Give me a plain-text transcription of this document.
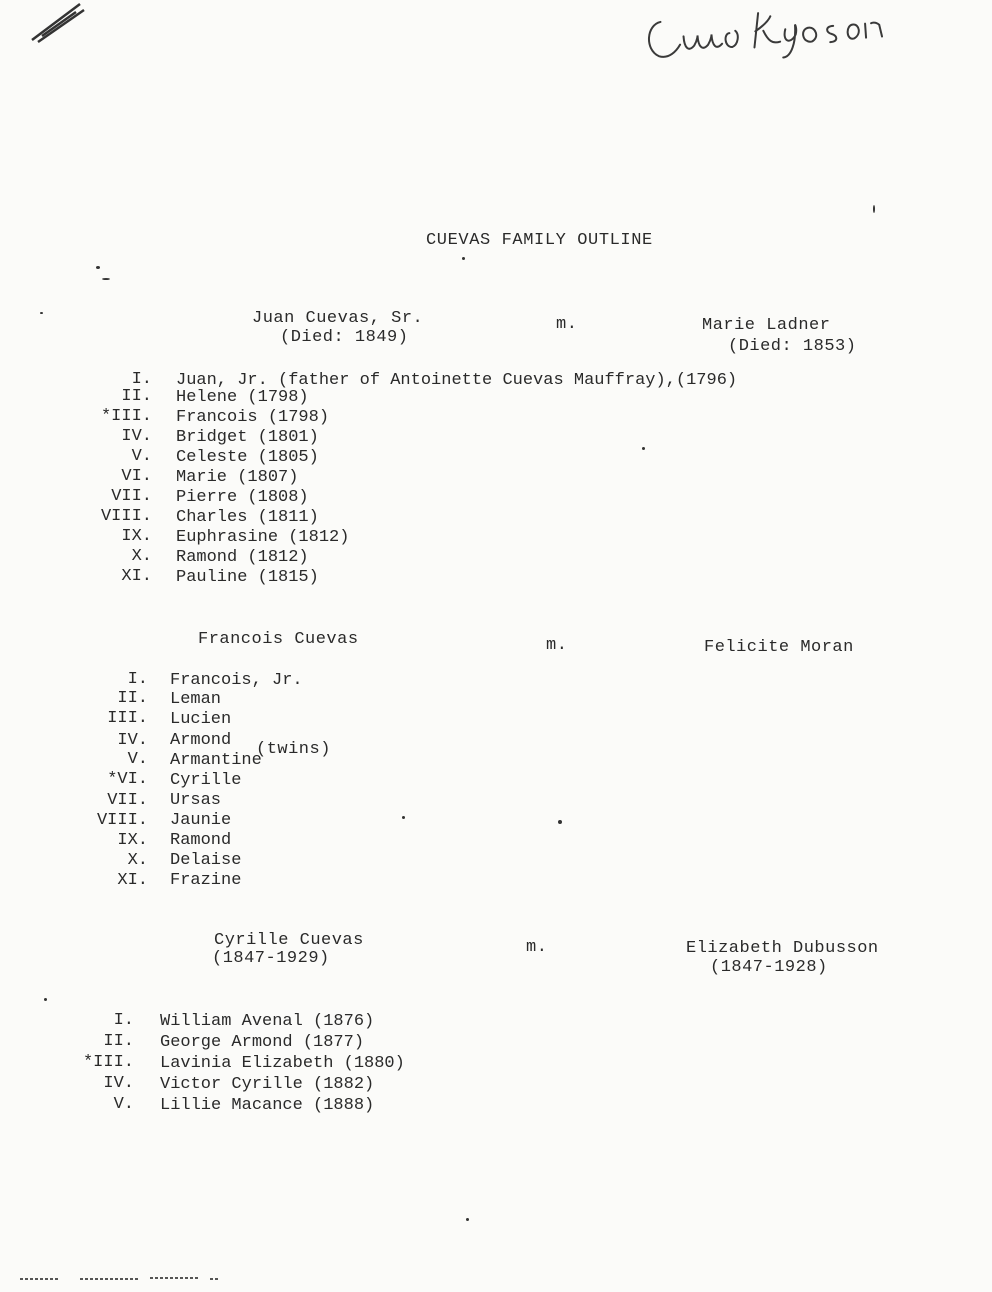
CUEVAS FAMILY OUTLINE
Juan Cuevas, Sr.
(Died: 1849)
m.	Marie Ladner
(Died: 1853)
I. Juan, Jr. (father of Antoinette Cuevas Mauffray),(1796)
II. Helene (1798)
*III. Francois (1798)
IV. Bridget (1801)
V. Celeste (1805)
VI. Marie (1807)
VII. Pierre (1808)
VIII. Charles (1811)
IX. Euphrasine (1812)
X. Ramond (1812)
XI. Pauline (1815)
Francois Cuevas	m.	Felicite Moran
I. Francois, Jr.
II. Leman
III. Lucien
IV. Armond
V. Armantine
(twins)
*VI. Cyrille
VII. Ursas
VIII. Jaunie
IX. Ramond
X. Delaise
XI. Frazine
Cyrille Cuevas
(1847-1929)
m.	Elizabeth Dubusson
(1847-1928)
I. William Avenal (1876)
II. George Armond (1877)
*III. Lavinia Elizabeth (1880)
IV. Victor Cyrille (1882)
V. Lillie Macance (1888)
